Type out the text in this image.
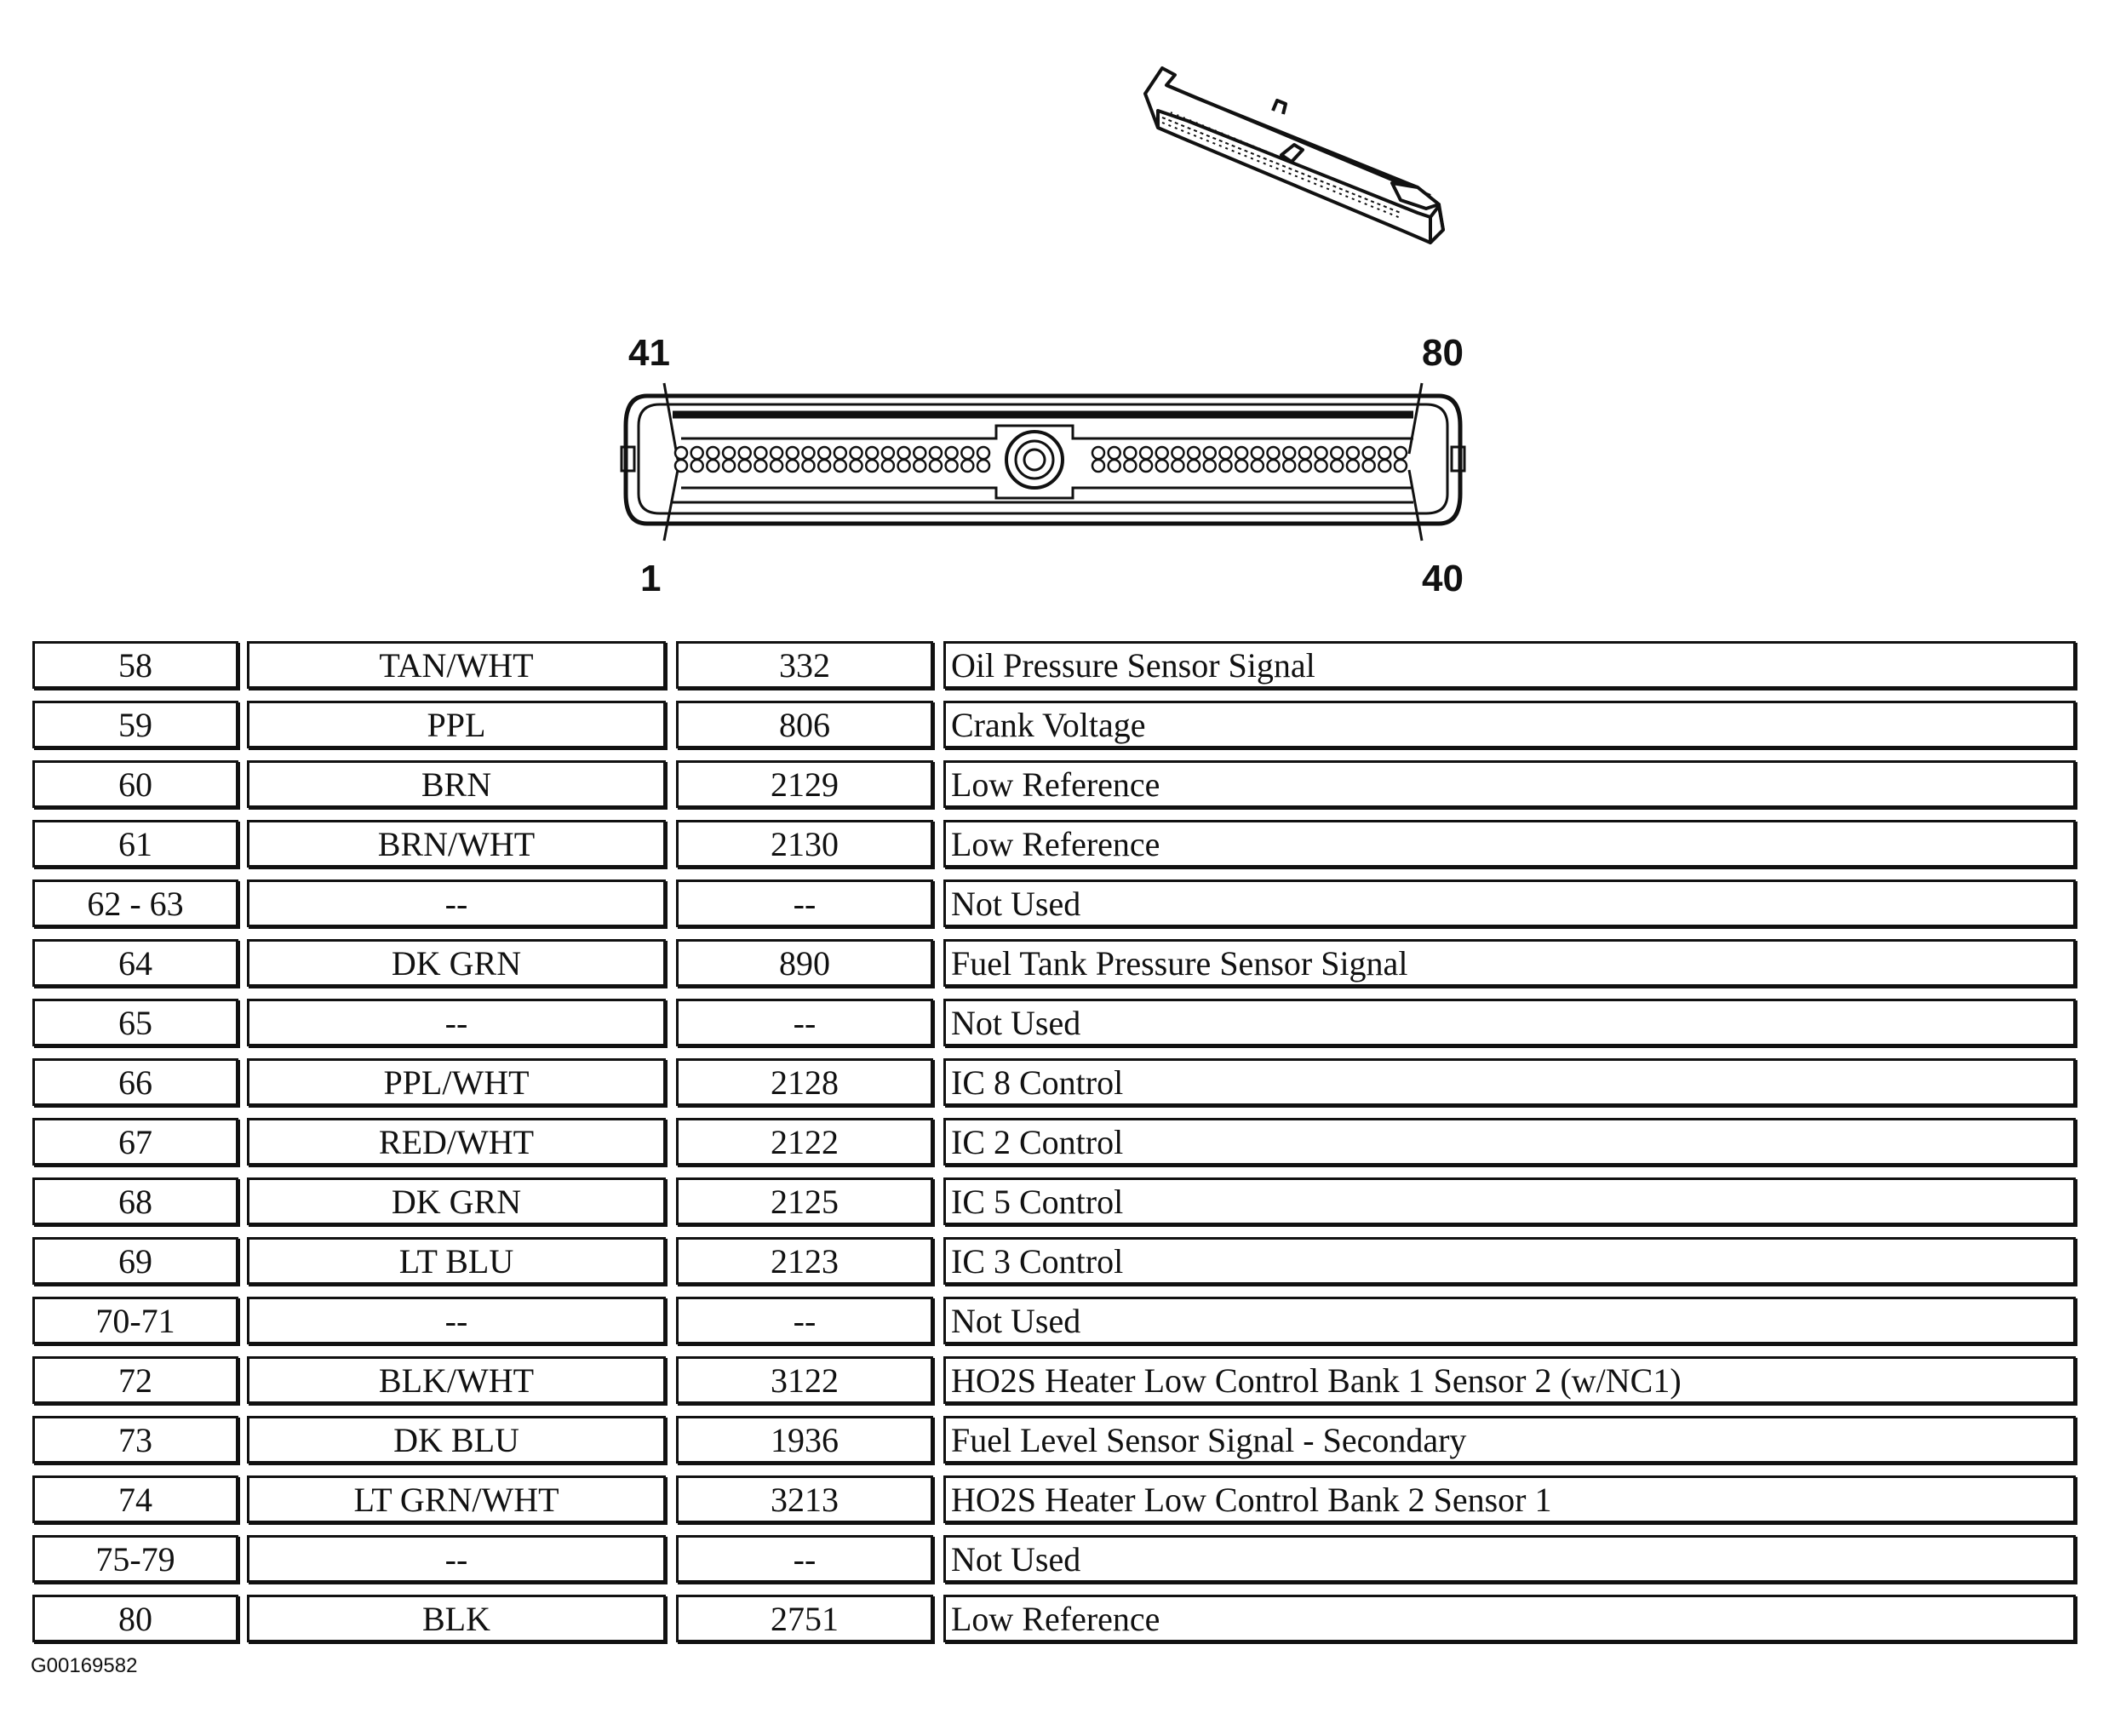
41	80
1	40
58	TAN/WHT	332	Oil Pressure Sensor Signal
59	PPL	806	Crank Voltage
60	BRN	2129	Low Reference
61	BRN/WHT	2130	Low Reference
62 - 63	--	--	Not Used
64	DK GRN	890	Fuel Tank Pressure Sensor Signal
65	--	--	Not Used
66	PPL/WHT	2128	IC 8 Control
67	RED/WHT	2122	IC 2 Control
68	DK GRN	2125	IC 5 Control
69	LT BLU	2123	IC 3 Control
70-71	--	--	Not Used
72	BLK/WHT	3122	HO2S Heater Low Control Bank 1 Sensor 2 (w/NC1)
73	DK BLU	1936	Fuel Level Sensor Signal - Secondary
74	LT GRN/WHT	3213	HO2S Heater Low Control Bank 2 Sensor 1
75-79	--	--	Not Used
80	BLK	2751	Low Reference
G00169582
